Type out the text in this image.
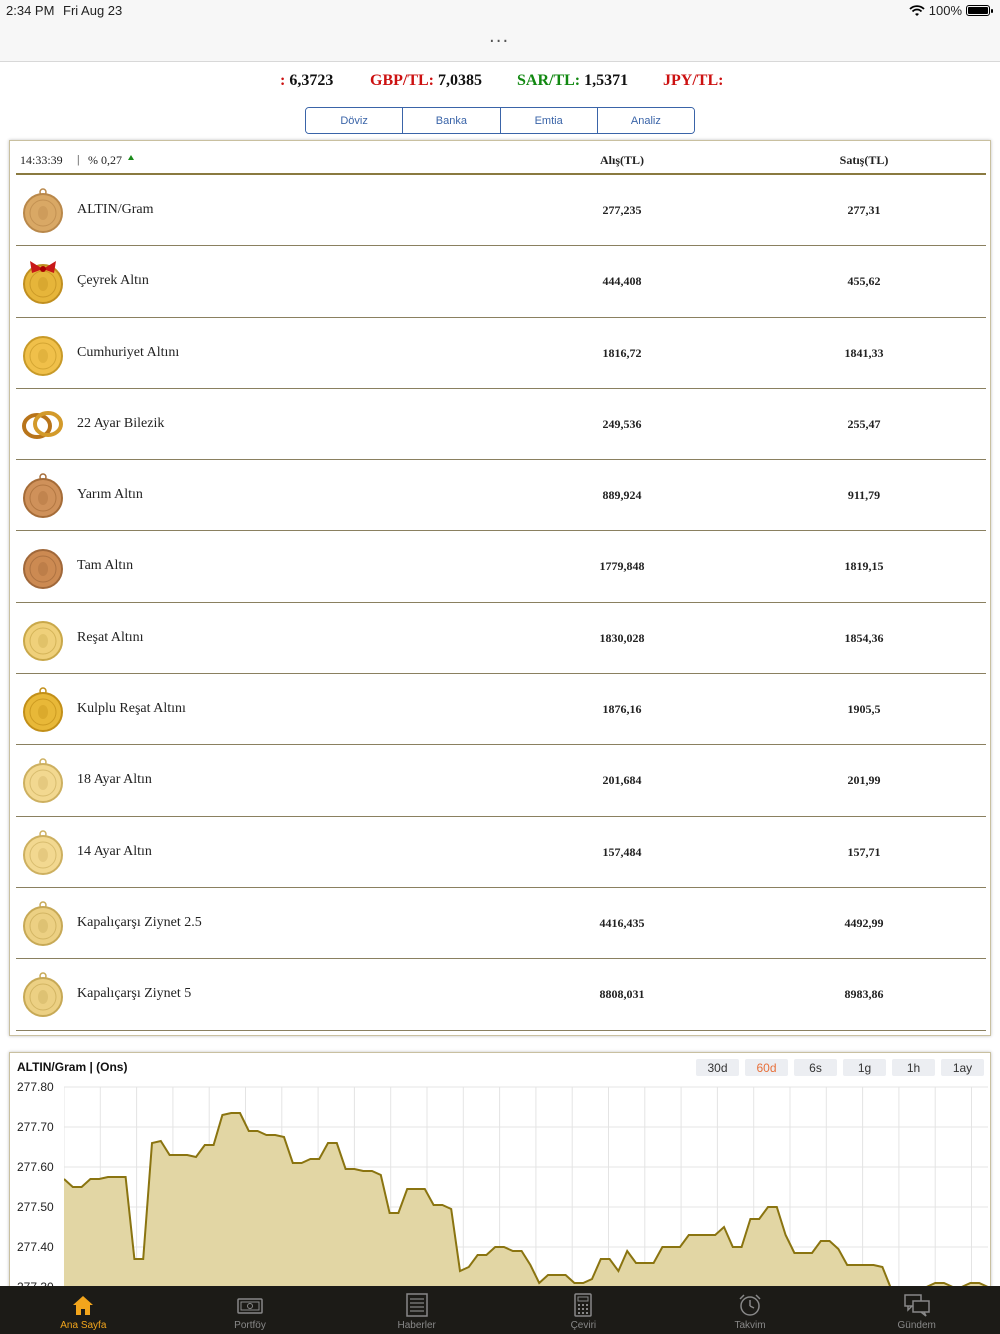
2:34 PM Fri Aug 23	100%
...
: 6,3723 GBP/TL: 7,0385 SAR/TL: 1,5371 JPY/TL:
Döviz	Banka	Emtia	Analiz
14:33:39 | % 0,27	Alış(TL)	Satış(TL)
ALTIN/Gram	277,235	277,31
Çeyrek Altın	444,408	455,62
Cumhuriyet Altını	1816,72	1841,33
22 Ayar Bilezik	249,536	255,47
Yarım Altın	889,924	911,79
Tam Altın	1779,848	1819,15
Reşat Altını	1830,028	1854,36
Kulplu Reşat Altını	1876,16	1905,5
18 Ayar Altın	201,684	201,99
14 Ayar Altın	157,484	157,71
Kapalıçarşı Ziynet 2.5	4416,435	4492,99
Kapalıçarşı Ziynet 5	8808,031	8983,86
277.80
277.70
277.60
277.50
277.40
ALTIN/Gram | (Ons)	30d	60d	6s	1g	1h	1ay
Ana Sayfa	Portföy	Haberler	Çeviri	Takvim	Gündem
